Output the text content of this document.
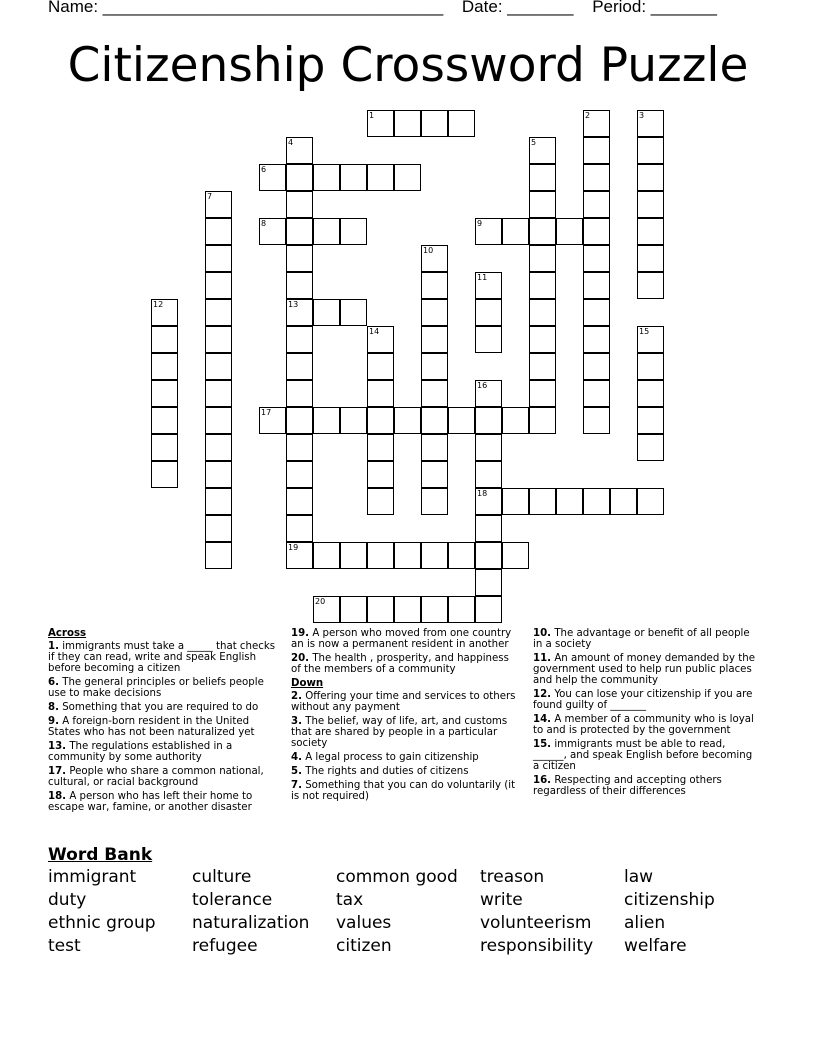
Name: ____________________________________ Date: _______ Period: _______
Citizenship Crossword Puzzle
1	2	3
4
13
5
6
7
8	9
10
11
12
14	15
16
18
17
19
20
Across
1. immigrants must take a _____ that checks if they can read, write and speak English before becoming a citizen
6. The general principles or beliefs people use to make decisions
8. Something that you are required to do
9. A foreign-born resident in the United States who has not been naturalized yet
13. The regulations established in a community by some authority
17. People who share a common national, cultural, or racial background
18. A person who has left their home to escape war, famine, or another disaster
19. A person who moved from one country an is now a permanent resident in another
20. The health , prosperity, and happiness of the members of a community
Down
2. Offering your time and services to others without any payment
3. The belief, way of life, art, and customs that are shared by people in a particular society
4. A legal process to gain citizenship
5. The rights and duties of citizens
7. Something that you can do voluntarily (it is not required)
10. The advantage or benefit of all people in a society
11. An amount of money demanded by the government used to help run public places and help the community
12. You can lose your citizenship if you are found guilty of _______
14. A member of a community who is loyal to and is protected by the government
15. immigrants must be able to read, ______, and speak English before becoming a citizen
16. Respecting and accepting others regardless of their differences
Word Bank
immigrant	culture	common good	treason	law
duty	tolerance	tax	write	citizenship
ethnic group	naturalization	values	volunteerism	alien
test	refugee	citizen	responsibility	welfare
